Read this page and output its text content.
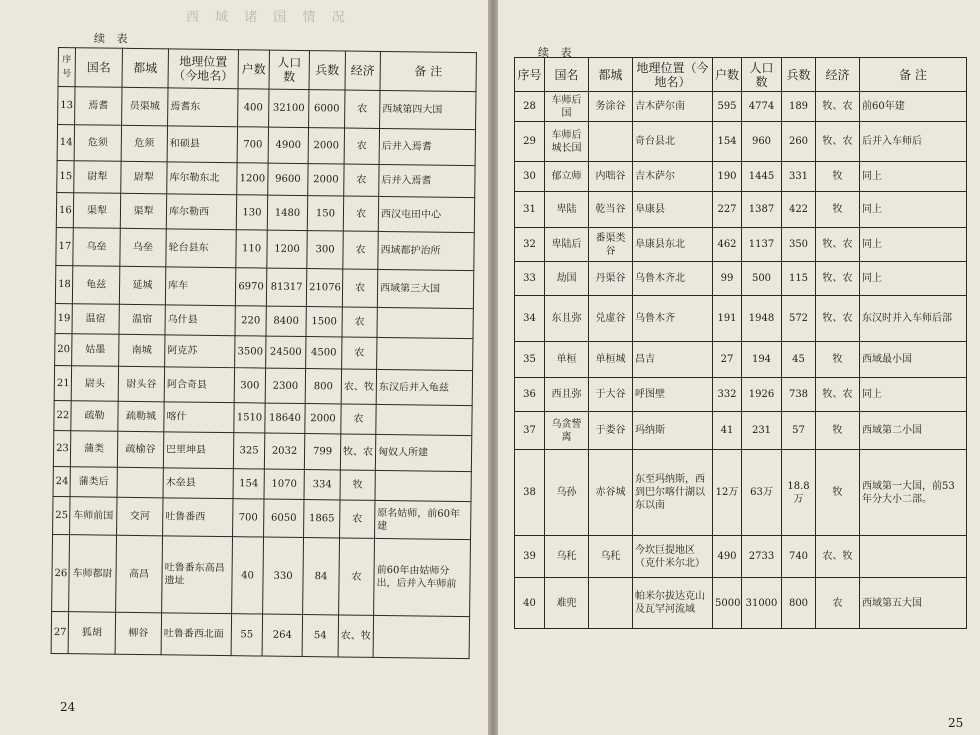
西 域 诸 国 情 况
续 表
序号	国名	都城	地理位置（今地名）	户数	人口数	兵数	经济	备 注
13	焉耆	员渠城	焉耆东	400	32100	6000	农	西域第四大国
14	危须	危须	和硕县	700	4900	2000	农	后并入焉耆
15	尉犁	尉犁	库尔勒东北	1200	9600	2000	农	后并入焉耆
16	渠犁	渠犁	库尔勒西	130	1480	150	农	西汉屯田中心
17	乌垒	乌垒	轮台县东	110	1200	300	农	西域都护治所
18	龟兹	延城	库车	6970	81317	21076	农	西域第三大国
19	温宿	温宿	乌什县	220	8400	1500	农	
20	姑墨	南城	阿克苏	3500	24500	4500	农	
21	尉头	尉头谷	阿合奇县	300	2300	800	农、牧	东汉后并入龟兹
22	疏勒	疏勒城	喀什	1510	18640	2000	农	
23	蒲类	疏榆谷	巴里坤县	325	2032	799	牧、农	匈奴人所建
24	蒲类后		木垒县	154	1070	334	牧	
25	车师前国	交河	吐鲁番西	700	6050	1865	农	原名姑师，前60年建
26	车师都尉	高昌	吐鲁番东高昌遗址	40	330	84	农	前60年由姑师分出，后并入车师前
27	狐胡	柳谷	吐鲁番西北面	55	264	54	农、牧	
24
续 表
序号	国名	都城	地理位置（今地名）	户数	人口数	兵数	经济	备 注
28	车师后国	务涂谷	吉木萨尔南	595	4774	189	牧、农	前60年建
29	车师后城长国		奇台县北	154	960	260	牧、农	后并入车师后
30	郁立师	内咄谷	吉木萨尔	190	1445	331	牧	同上
31	卑陆	乾当谷	阜康县	227	1387	422	牧	同上
32	卑陆后	番渠类谷	阜康县东北	462	1137	350	牧、农	同上
33	劫国	丹渠谷	乌鲁木齐北	99	500	115	牧、农	同上
34	东且弥	兑虚谷	乌鲁木齐	191	1948	572	牧、农	东汉时并入车师后部
35	单桓	单桓城	昌吉	27	194	45	牧	西域最小国
36	西且弥	于大谷	呼图壁	332	1926	738	牧、农	同上
37	乌贪訾离	于娄谷	玛纳斯	41	231	57	牧	西域第二小国
38	乌孙	赤谷城	东至玛纳斯，西到巴尔喀什湖以东以南	12万	63万	18.8万	牧	西域第一大国，前53年分大小二部。
39	乌秅	乌秅	今坎巨提地区（克什米尔北）	490	2733	740	农、牧	
40	难兜		帕米尔拔达克山及瓦罕河流域	5000	31000	800	农	西域第五大国
25
